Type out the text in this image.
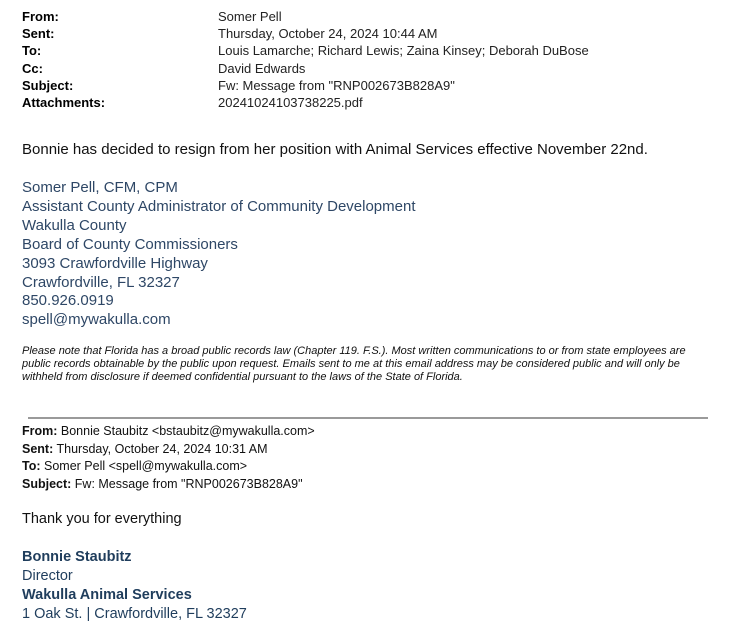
From:	Somer Pell
Sent:	Thursday, October 24, 2024 10:44 AM
To:	Louis Lamarche; Richard Lewis; Zaina Kinsey; Deborah DuBose
Cc:	David Edwards
Subject:	Fw: Message from "RNP002673B828A9"
Attachments:	20241024103738225.pdf
Bonnie has decided to resign from her position with Animal Services effective November 22nd.
Somer Pell, CFM, CPM
Assistant County Administrator of Community Development
Wakulla County
Board of County Commissioners
3093 Crawfordville Highway
Crawfordville, FL 32327
850.926.0919
spell@mywakulla.com
Please note that Florida has a broad public records law (Chapter 119. F.S.). Most written communications to or from state employees are public records obtainable by the public upon request. Emails sent to me at this email address may be considered public and will only be withheld from disclosure if deemed confidential pursuant to the laws of the State of Florida.
From: Bonnie Staubitz <bstaubitz@mywakulla.com>
Sent: Thursday, October 24, 2024 10:31 AM
To: Somer Pell <spell@mywakulla.com>
Subject: Fw: Message from "RNP002673B828A9"
Thank you for everything
Bonnie Staubitz
Director
Wakulla Animal Services
1 Oak St. | Crawfordville, FL 32327
